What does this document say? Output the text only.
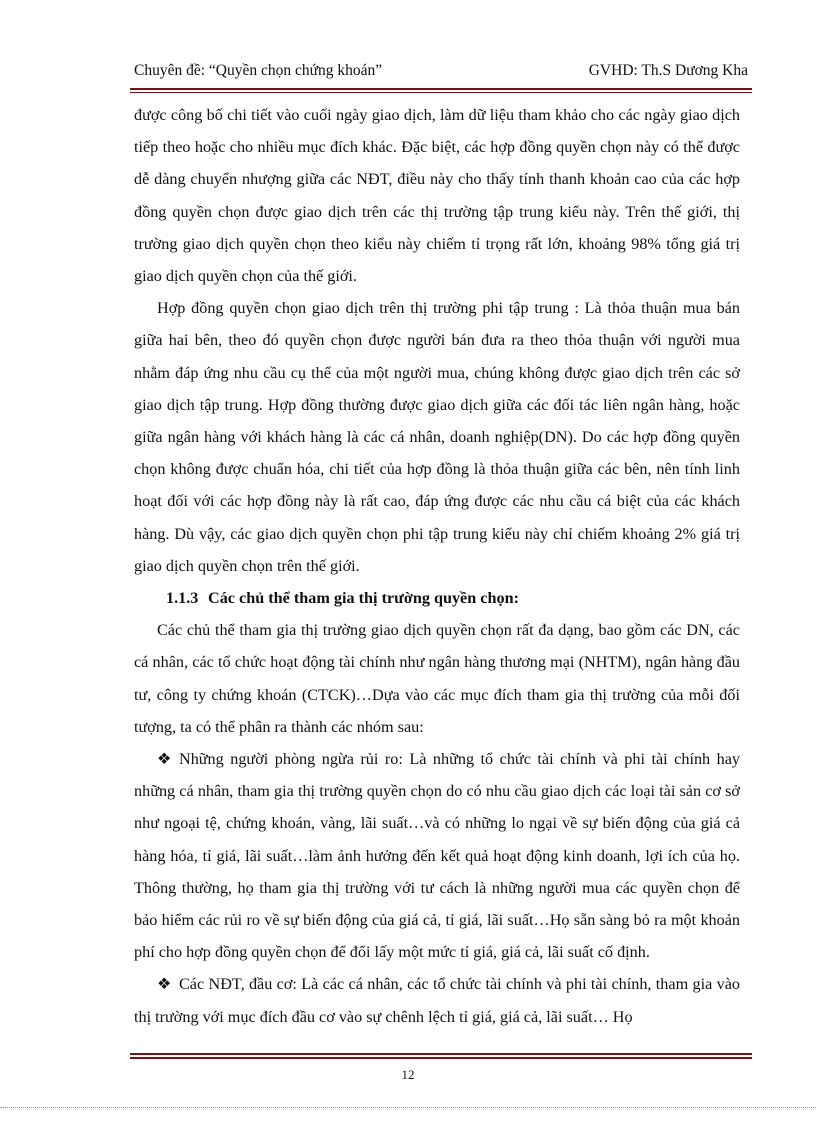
Chuyên đề: “Quyền chọn chứng khoán”	GVHD: Th.S Dương Kha

được công bố chi tiết vào cuối ngày giao dịch, làm dữ liệu tham khảo cho các ngày giao dịch tiếp theo hoặc cho nhiều mục đích khác. Đặc biệt, các hợp đồng quyền chọn này có thể được dễ dàng chuyển nhượng giữa các NĐT, điều này cho thấy tính thanh khoản cao của các hợp đồng quyền chọn được giao dịch trên các thị trường tập trung kiểu này. Trên thế giới, thị trường giao dịch quyền chọn theo kiểu này chiếm tỉ trọng rất lớn, khoảng 98% tổng giá trị giao dịch quyền chọn của thế giới.

Hợp đồng quyền chọn giao dịch trên thị trường phi tập trung : Là thỏa thuận mua bán giữa hai bên, theo đó quyền chọn được người bán đưa ra theo thỏa thuận với người mua nhằm đáp ứng nhu cầu cụ thể của một người mua, chúng không được giao dịch trên các sở giao dịch tập trung. Hợp đồng thường được giao dịch giữa các đối tác liên ngân hàng, hoặc giữa ngân hàng với khách hàng là các cá nhân, doanh nghiệp(DN). Do các hợp đồng quyền chọn không được chuẩn hóa, chi tiết của hợp đồng là thỏa thuận giữa các bên, nên tính linh hoạt đối với các hợp đồng này là rất cao, đáp ứng được các nhu cầu cá biệt của các khách hàng. Dù vậy, các giao dịch quyền chọn phi tập trung kiểu này chỉ chiếm khoảng 2% giá trị giao dịch quyền chọn trên thế giới.

1.1.3 Các chủ thể tham gia thị trường quyền chọn:

Các chủ thể tham gia thị trường giao dịch quyền chọn rất đa dạng, bao gồm các DN, các cá nhân, các tổ chức hoạt động tài chính như ngân hàng thương mại (NHTM), ngân hàng đầu tư, công ty chứng khoán (CTCK)…Dựa vào các mục đích tham gia thị trường của mỗi đối tượng, ta có thể phân ra thành các nhóm sau:

❖ Những người phòng ngừa rủi ro: Là những tổ chức tài chính và phi tài chính hay những cá nhân, tham gia thị trường quyền chọn do có nhu cầu giao dịch các loại tài sản cơ sở như ngoại tệ, chứng khoán, vàng, lãi suất…và có những lo ngại về sự biến động của giá cả hàng hóa, tỉ giá, lãi suất…làm ảnh hưởng đến kết quả hoạt động kinh doanh, lợi ích của họ. Thông thường, họ tham gia thị trường với tư cách là những người mua các quyền chọn để bảo hiểm các rủi ro về sự biến động của giá cả, tỉ giá, lãi suất…Họ sẵn sàng bỏ ra một khoản phí cho hợp đồng quyền chọn để đổi lấy một mức tỉ giá, giá cả, lãi suất cố định.

❖ Các NĐT, đầu cơ: Là các cá nhân, các tổ chức tài chính và phi tài chính, tham gia vào thị trường với mục đích đầu cơ vào sự chênh lệch tỉ giá, giá cả, lãi suất… Họ

12
